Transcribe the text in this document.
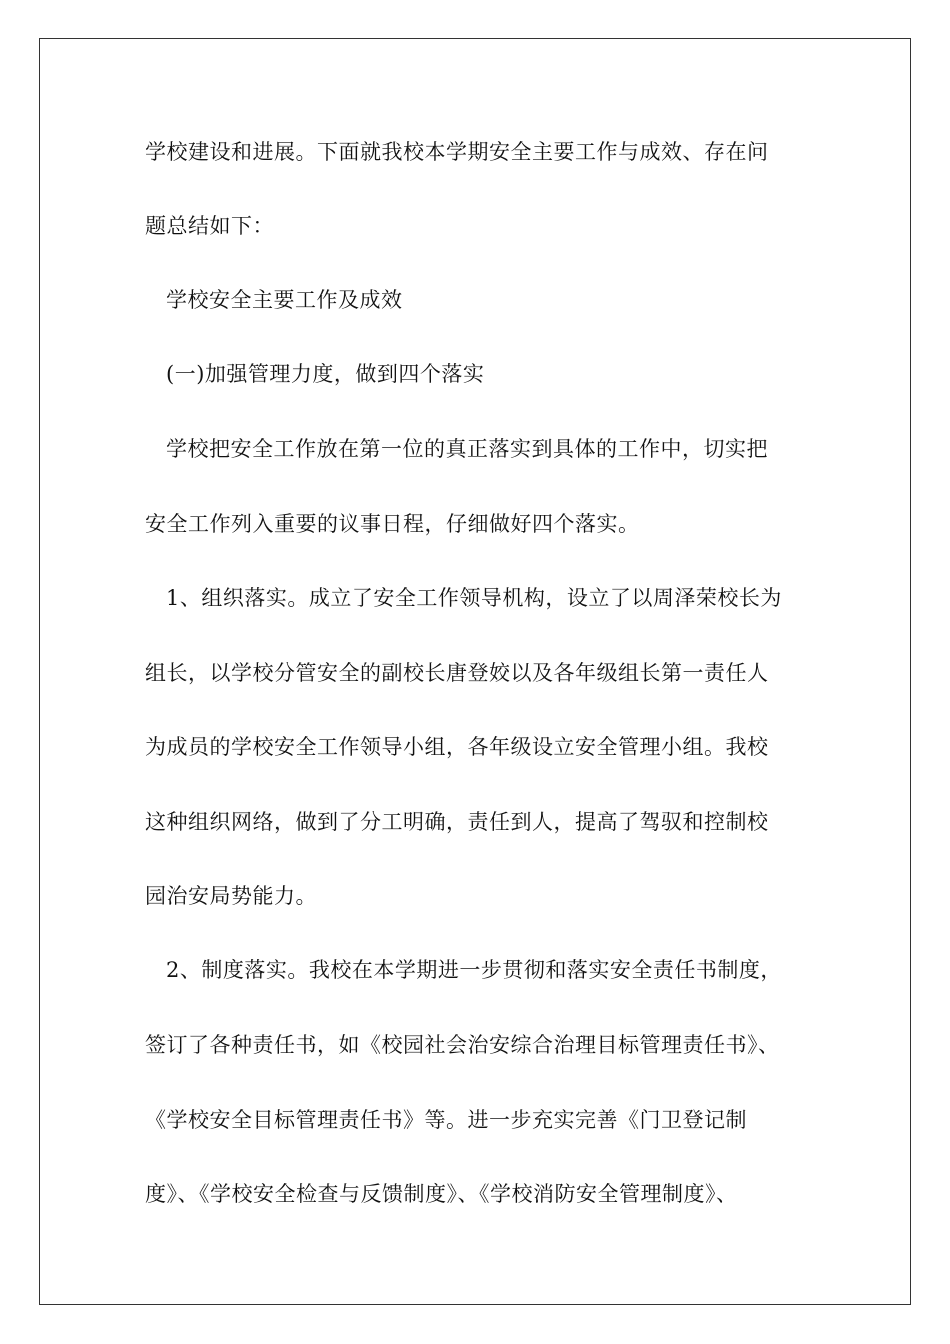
学校建设和进展。下面就我校本学期安全主要工作与成效、存在问
题总结如下：
学校安全主要工作及成效
(一)加强管理力度，做到四个落实
学校把安全工作放在第一位的真正落实到具体的工作中，切实把
安全工作列入重要的议事日程，仔细做好四个落实。
1、组织落实。成立了安全工作领导机构，设立了以周泽荣校长为
组长，以学校分管安全的副校长唐登姣以及各年级组长第一责任人
为成员的学校安全工作领导小组，各年级设立安全管理小组。我校
这种组织网络，做到了分工明确，责任到人，提高了驾驭和控制校
园治安局势能力。
2、制度落实。我校在本学期进一步贯彻和落实安全责任书制度，
签订了各种责任书，如《校园社会治安综合治理目标管理责任书》、
《学校安全目标管理责任书》等。进一步充实完善《门卫登记制
度》、《学校安全检查与反馈制度》、《学校消防安全管理制度》、
